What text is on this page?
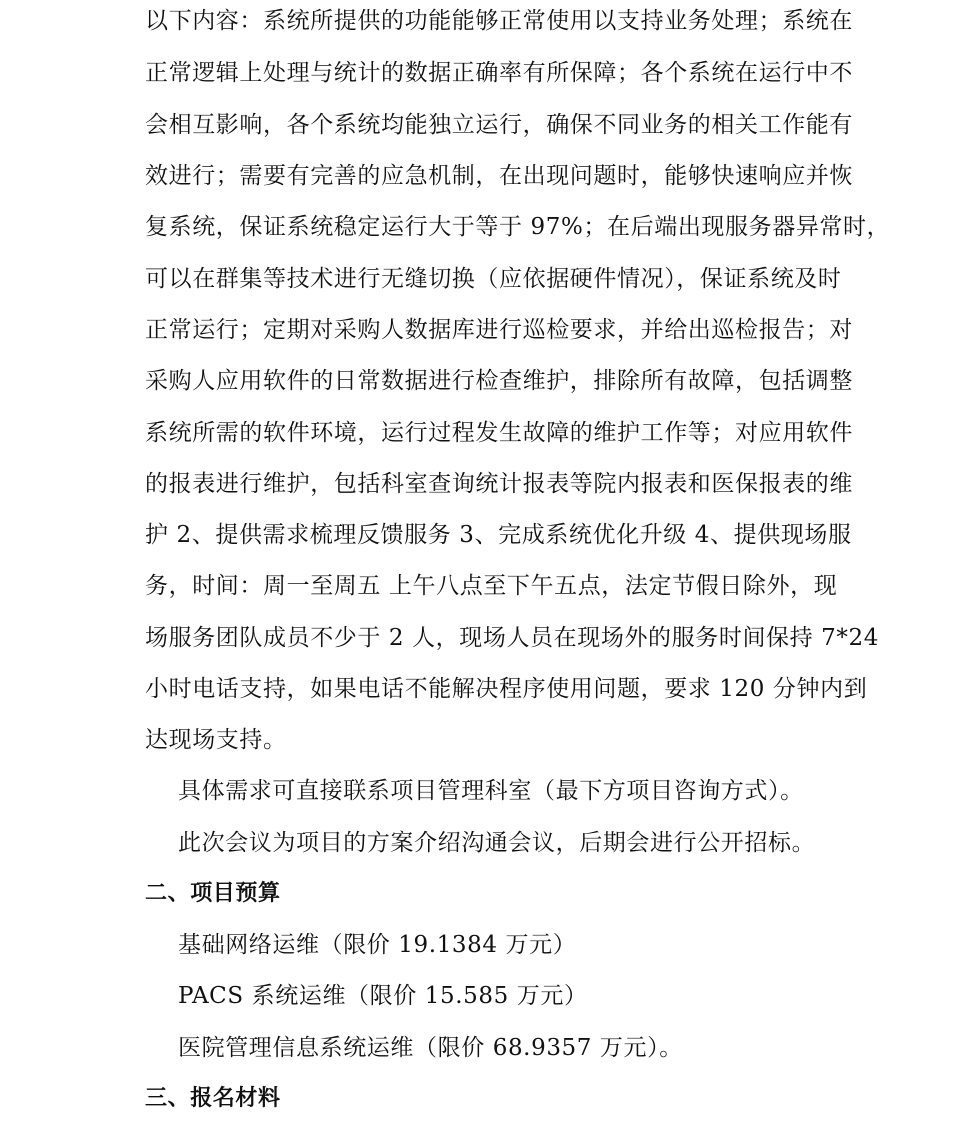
以下内容：系统所提供的功能能够正常使用以支持业务处理；系统在
正常逻辑上处理与统计的数据正确率有所保障；各个系统在运行中不
会相互影响，各个系统均能独立运行，确保不同业务的相关工作能有
效进行；需要有完善的应急机制，在出现问题时，能够快速响应并恢
复系统，保证系统稳定运行大于等于 97%；在后端出现服务器异常时，
可以在群集等技术进行无缝切换（应依据硬件情况），保证系统及时
正常运行；定期对采购人数据库进行巡检要求，并给出巡检报告；对
采购人应用软件的日常数据进行检查维护，排除所有故障，包括调整
系统所需的软件环境，运行过程发生故障的维护工作等；对应用软件
的报表进行维护，包括科室查询统计报表等院内报表和医保报表的维
护 2、提供需求梳理反馈服务 3、完成系统优化升级 4、提供现场服
务，时间：周一至周五 上午八点至下午五点，法定节假日除外，现
场服务团队成员不少于 2 人，现场人员在现场外的服务时间保持 7*24
小时电话支持，如果电话不能解决程序使用问题，要求 120 分钟内到
达现场支持。
具体需求可直接联系项目管理科室（最下方项目咨询方式）。
此次会议为项目的方案介绍沟通会议，后期会进行公开招标。
二、项目预算
基础网络运维（限价 19.1384 万元）
PACS 系统运维（限价 15.585 万元）
医院管理信息系统运维（限价 68.9357 万元）。
三、报名材料
